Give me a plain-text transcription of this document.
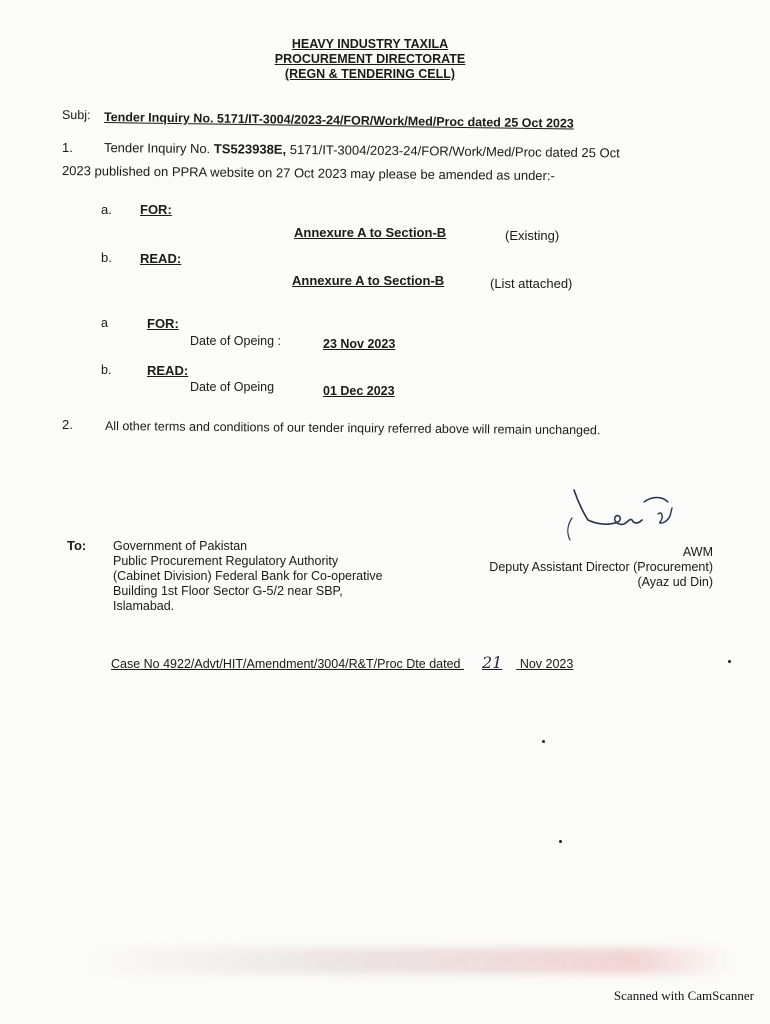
HEAVY INDUSTRY TAXILA
PROCUREMENT DIRECTORATE
(REGN & TENDERING CELL)
Subj: Tender Inquiry No. 5171/IT-3004/2023-24/FOR/Work/Med/Proc dated 25 Oct 2023
1. Tender Inquiry No. TS523938E, 5171/IT-3004/2023-24/FOR/Work/Med/Proc dated 25 Oct
2023 published on PPRA website on 27 Oct 2023 may please be amended as under:-
a. FOR:
Annexure A to Section-B	(Existing)
b. READ:
Annexure A to Section-B	(List attached)
a	FOR:
Date of Opeing :	23 Nov 2023
b.	READ:
Date of Opeing	01 Dec 2023
2.	All other terms and conditions of our tender inquiry referred above will remain unchanged.
To: Government of Pakistan
Public Procurement Regulatory Authority
(Cabinet Division) Federal Bank for Co-operative
Building 1st Floor Sector G-5/2 near SBP,
Islamabad.
AWM
Deputy Assistant Director (Procurement)
(Ayaz ud Din)
Case No 4922/Advt/HIT/Amendment/3004/R&T/Proc Dte dated 21 Nov 2023
Scanned with CamScanner
